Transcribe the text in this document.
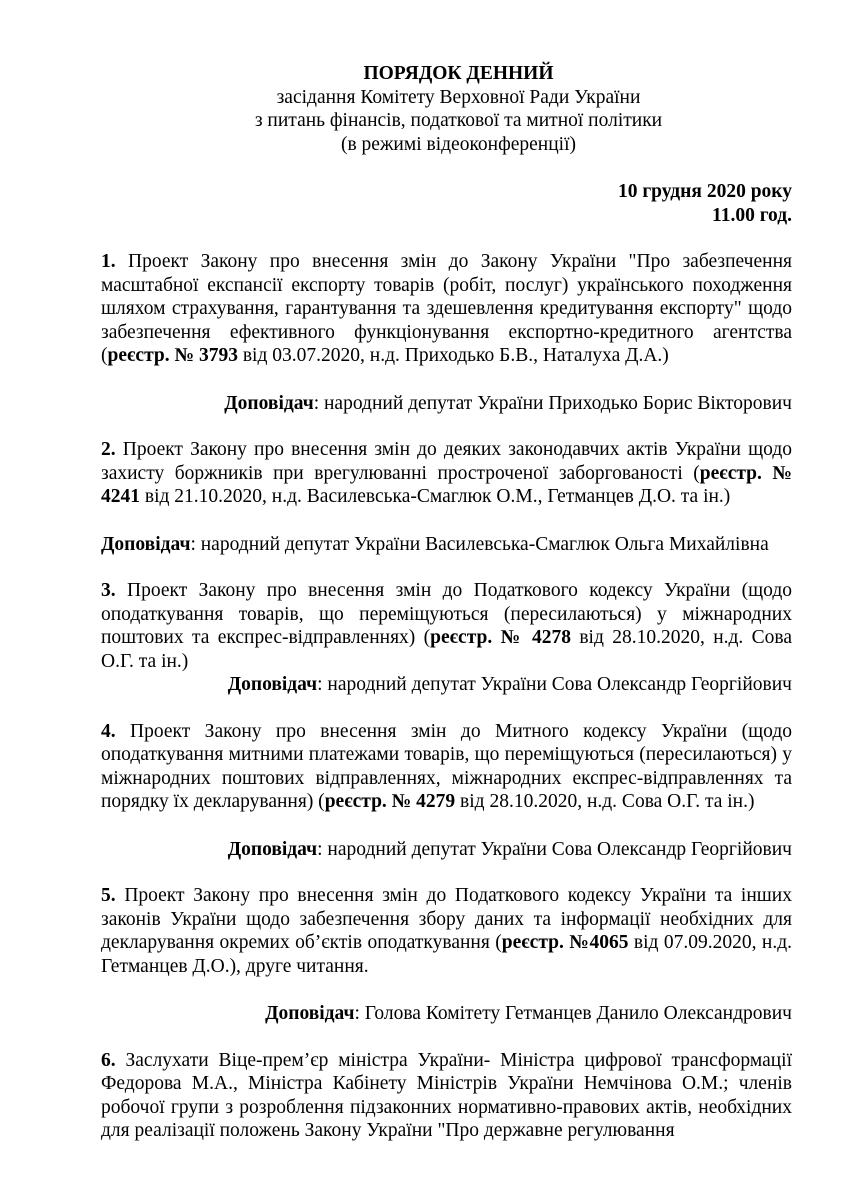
ПОРЯДОК ДЕННИЙ

засідання Комітету Верховної Ради України

з питань фінансів, податкової та митної політики

(в режимі відеоконференції)

10 грудня 2020 року
11.00 год.

1. Проект Закону про внесення змін до Закону України "Про забезпечення масштабної експансії експорту товарів (робіт, послуг) українського походження шляхом страхування, гарантування та здешевлення кредитування експорту" щодо забезпечення ефективного функціонування експортно-кредитного агентства (реєстр. № 3793 від 03.07.2020, н.д. Приходько Б.В., Наталуха Д.А.)

Доповідач: народний депутат України Приходько Борис Вікторович

2. Проект Закону про внесення змін до деяких законодавчих актів України щодо захисту боржників при врегулюванні простроченої заборгованості (реєстр. № 4241 від 21.10.2020, н.д. Василевська-Смаглюк О.М., Гетманцев Д.О. та ін.)

Доповідач: народний депутат України Василевська-Смаглюк Ольга Михайлівна

3. Проект Закону про внесення змін до Податкового кодексу України (щодо оподаткування товарів, що переміщуються (пересилаються) у міжнародних поштових та експрес-відправленнях) (реєстр. № 4278 від 28.10.2020, н.д. Сова О.Г. та ін.)

Доповідач: народний депутат України Сова Олександр Георгійович

4. Проект Закону про внесення змін до Митного кодексу України (щодо оподаткування митними платежами товарів, що переміщуються (пересилаються) у міжнародних поштових відправленнях, міжнародних експрес-відправленнях та порядку їх декларування) (реєстр. № 4279 від 28.10.2020, н.д. Сова О.Г. та ін.)

Доповідач: народний депутат України Сова Олександр Георгійович

5. Проект Закону про внесення змін до Податкового кодексу України та інших законів України щодо забезпечення збору даних та інформації необхідних для декларування окремих об’єктів оподаткування (реєстр. №4065 від 07.09.2020, н.д. Гетманцев Д.О.), друге читання.

Доповідач: Голова Комітету Гетманцев Данило Олександрович

6. Заслухати Віце-прем’єр міністра України- Міністра цифрової трансформації Федорова М.А., Міністра Кабінету Міністрів України Немчінова О.М.; членів робочої групи з розроблення підзаконних нормативно-правових актів, необхідних для реалізації положень Закону України "Про державне регулювання
